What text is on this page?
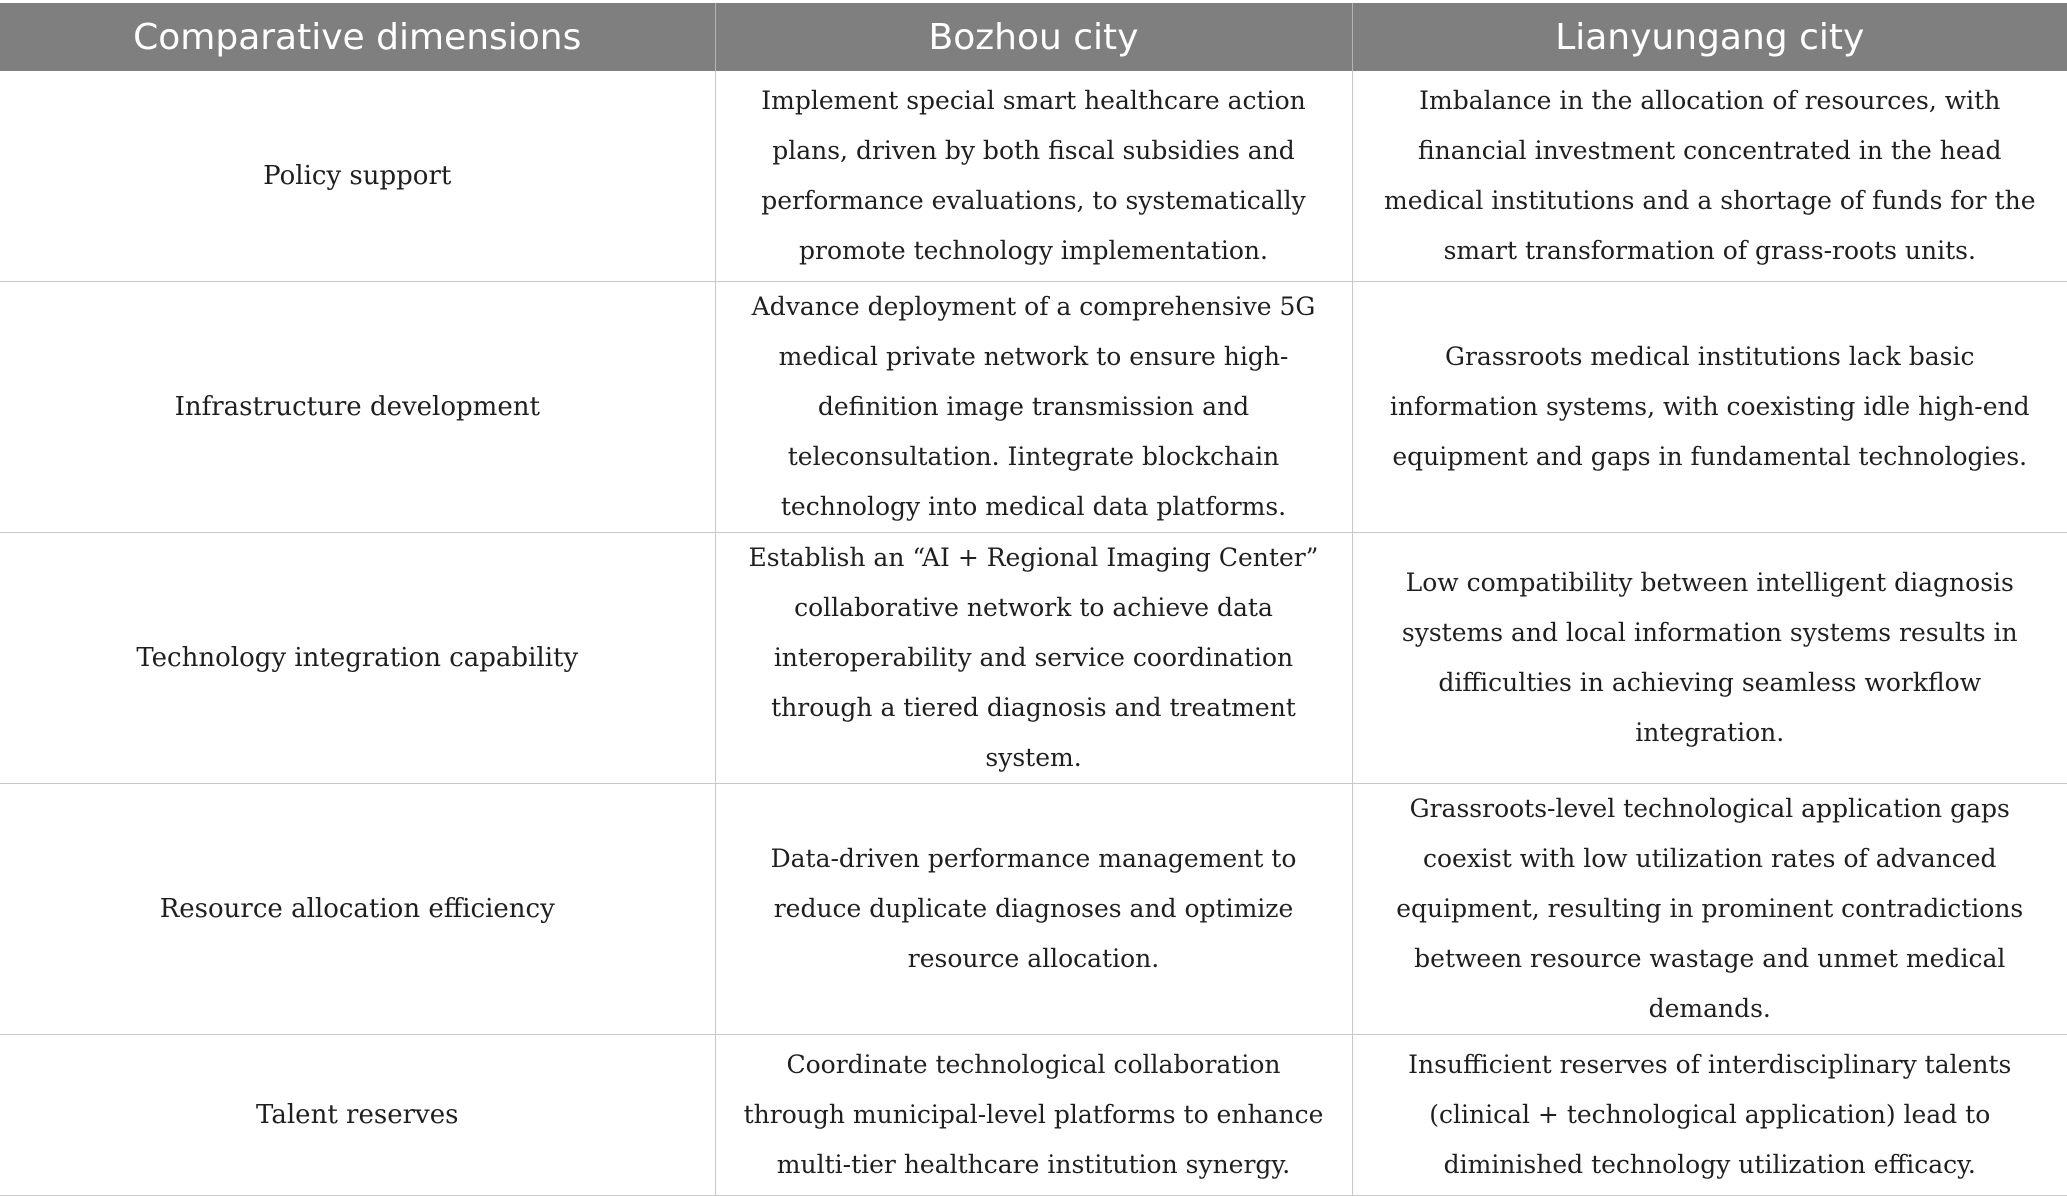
Comparative dimensions	Bozhou city	Lianyungang city
Policy support	Implement special smart healthcare action plans, driven by both fiscal subsidies and performance evaluations, to systematically promote technology implementation.	Imbalance in the allocation of resources, with financial investment concentrated in the head medical institutions and a shortage of funds for the smart transformation of grass-roots units.
Infrastructure development	Advance deployment of a comprehensive 5G medical private network to ensure high-definition image transmission and teleconsultation. Iintegrate blockchain technology into medical data platforms.	Grassroots medical institutions lack basic information systems, with coexisting idle high-end equipment and gaps in fundamental technologies.
Technology integration capability	Establish an “AI + Regional Imaging Center” collaborative network to achieve data interoperability and service coordination through a tiered diagnosis and treatment system.	Low compatibility between intelligent diagnosis systems and local information systems results in difficulties in achieving seamless workflow integration.
Resource allocation efficiency	Data-driven performance management to reduce duplicate diagnoses and optimize resource allocation.	Grassroots-level technological application gaps coexist with low utilization rates of advanced equipment, resulting in prominent contradictions between resource wastage and unmet medical demands.
Talent reserves	Coordinate technological collaboration through municipal-level platforms to enhance multi-tier healthcare institution synergy.	Insufficient reserves of interdisciplinary talents (clinical + technological application) lead to diminished technology utilization efficacy.
